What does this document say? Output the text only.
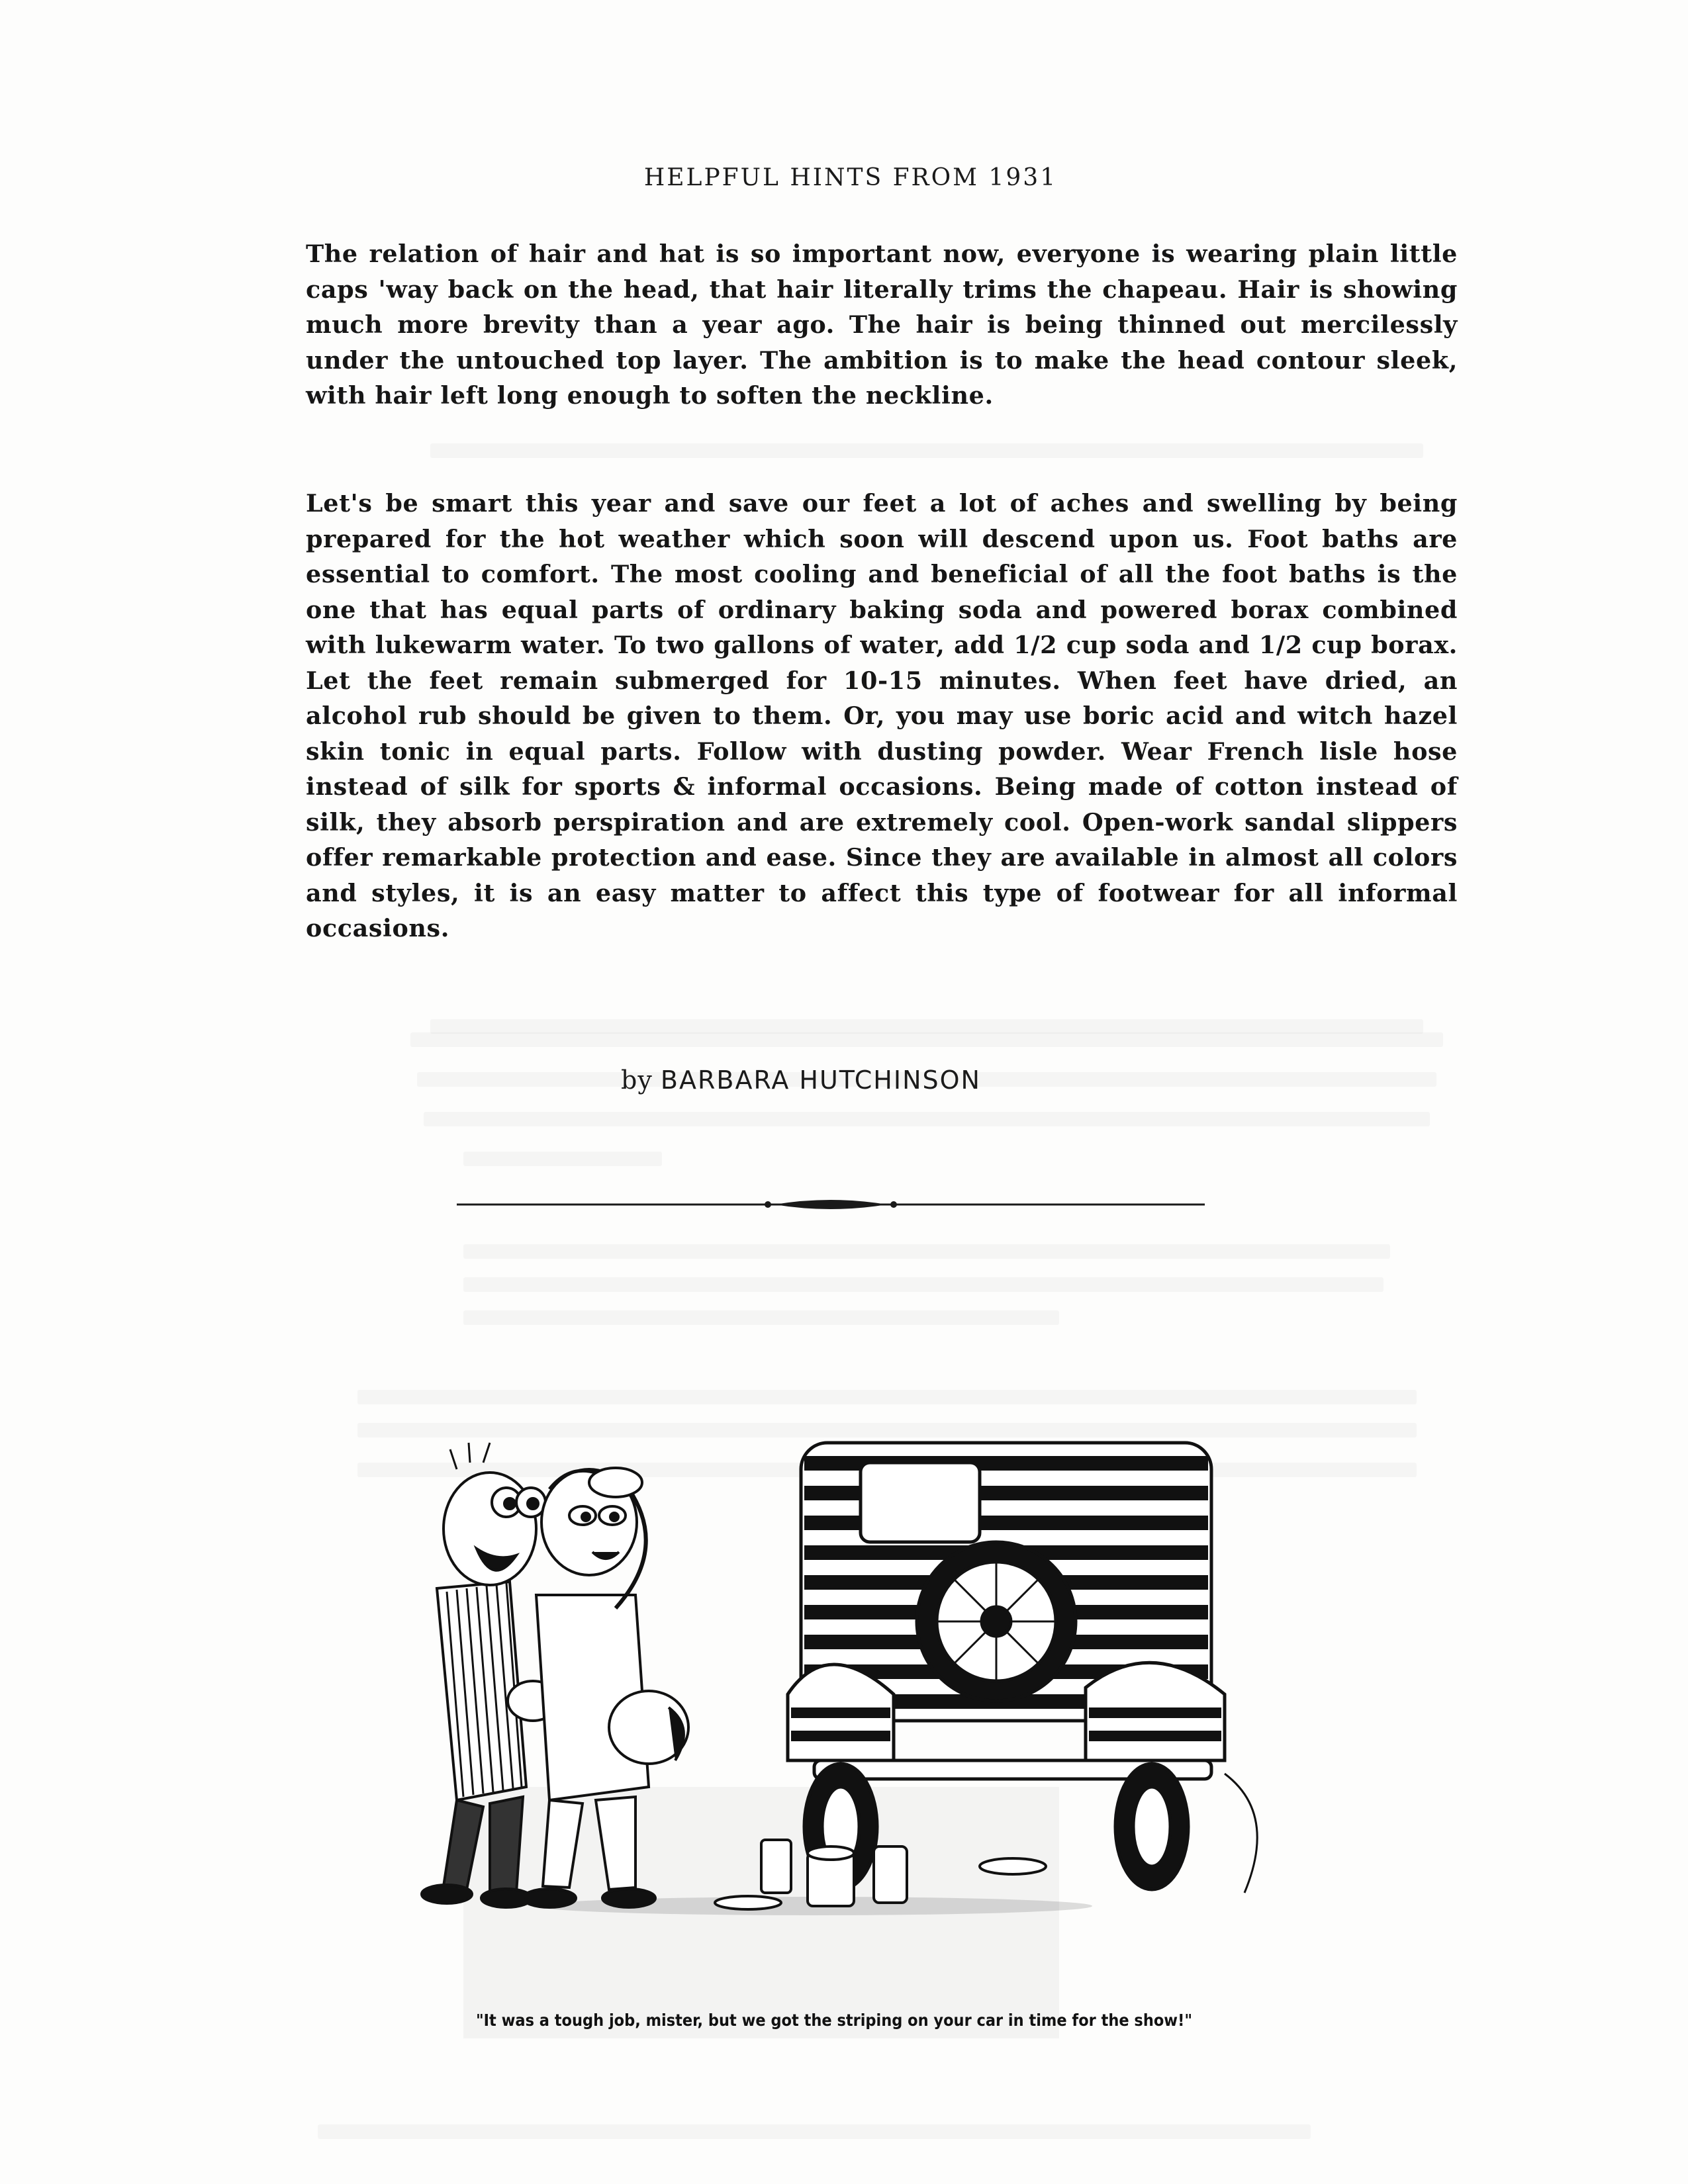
HELPFUL HINTS FROM 1931

The relation of hair and hat is so important now, everyone is wearing plain little caps 'way back on the head, that hair literally trims the chapeau. Hair is showing much more brevity than a year ago. The hair is being thinned out mercilessly under the untouched top layer. The ambition is to make the head contour sleek, with hair left long enough to soften the neckline.

Let's be smart this year and save our feet a lot of aches and swelling by being prepared for the hot weather which soon will descend upon us. Foot baths are essential to comfort. The most cooling and beneficial of all the foot baths is the one that has equal parts of ordinary baking soda and powered borax combined with lukewarm water. To two gallons of water, add 1/2 cup soda and 1/2 cup borax. Let the feet remain submerged for 10-15 minutes. When feet have dried, an alcohol rub should be given to them. Or, you may use boric acid and witch hazel skin tonic in equal parts. Follow with dusting powder. Wear French lisle hose instead of silk for sports & informal occasions. Being made of cotton instead of silk, they absorb perspiration and are extremely cool. Open-work sandal slippers offer remarkable protection and ease. Since they are available in almost all colors and styles, it is an easy matter to affect this type of footwear for all informal occasions.

by BARBARA HUTCHINSON

"It was a tough job, mister, but we got the striping on your car in time for the show!"
